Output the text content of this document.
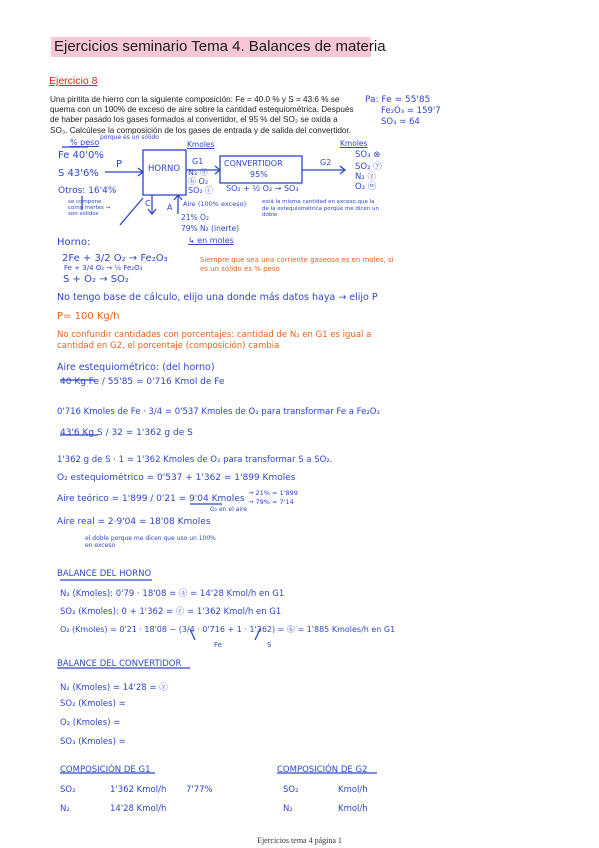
Ejercicios seminario Tema 4. Balances de materia
Ejercicio 8
Una piritita de hierro con la siguiente composición: Fe = 40.0 % y S = 43.6 % se quema con un 100% de exceso de aire sobre la cantidad estequiométrica. Después de haber pasado los gases formados al convertidor, el 95 % del SO₂ se oxida a SO₃. Calcúlese la composición de los gases de entrada y de salida del convertidor.
Pa: Fe = 55'85
Fe₂O₃ = 159'7
SO₃ = 64
% peso
porque es un sólido
Fe 40'0%
S 43'6%
Otros: 16'4%
se compone como inertes → son sólidos
P	HORNO
C A
Kmoles
G1
N₂ ⓐ
ⓑ O₂
SO₂ ⓒ
CONVERTIDOR
95%
SO₂ + ½ O₂ → SO₃
G2
Kmoles
SO₃ ⊗
SO₂ ⓨ
N₂ ⓩ
O₂ ⓦ
Aire (100% exceso)
21% O₂
79% N₂ (inerte)
↳ en moles
está la misma cantidad en exceso que la de la estequiométrica porque me dicen un doble
Horno:
2Fe + 3/2 O₂ → Fe₂O₃
Fe + 3/4 O₂ → ½ Fe₂O₃
S + O₂ → SO₂
Siempre que sea una corriente gaseosa es en moles, si es un sólido es % peso
No tengo base de cálculo, elijo una donde más datos haya → elijo P
P= 100 Kg/h
No confundir cantidades con porcentajes: cantidad de N₂ en G1 es igual a cantidad en G2, el porcentaje (composición) cambia
Aire estequiométrico: (del horno)
40 Kg Fe / 55'85 = 0'716 Kmol de Fe
0'716 Kmoles de Fe · 3/4 = 0'537 Kmoles de O₂ para transformar Fe a Fe₂O₃
43'6 Kg S / 32 = 1'362 g de S
1'362 g de S · 1 = 1'362 Kmoles de O₂ para transformar S a SO₂.
O₂ estequiométrico = 0'537 + 1'362 = 1'899 Kmoles
Aire teórico = 1'899 / 0'21 = 9'04 Kmoles
→ 21% = 1'899
→ 79% = 7'14
O₂ en el aire
Aire real = 2·9'04 = 18'08 Kmoles
el doble porque me dicen que uso un 100% en exceso
BALANCE DEL HORNO
N₂ (Kmoles): 0'79 · 18'08 = ⓐ = 14'28 Kmol/h en G1
SO₂ (Kmoles): 0 + 1'362 = ⓒ = 1'362 Kmol/h en G1
O₂ (Kmoles) = 0'21 · 18'08 − (3/4 · 0'716 + 1 · 1'362) = ⓑ = 1'885 Kmoles/h en G1
Fe	S
BALANCE DEL CONVERTIDOR
N₂ (Kmoles) = 14'28 = ⓩ
SO₂ (Kmoles) =
O₂ (Kmoles) =
SO₃ (Kmoles) =
COMPOSICIÓN DE G1
SO₂	1'362 Kmol/h 7'77%
N₂	14'28 Kmol/h
COMPOSICIÓN DE G2
SO₂	Kmol/h
N₂	Kmol/h
Ejercicios tema 4 página 1
